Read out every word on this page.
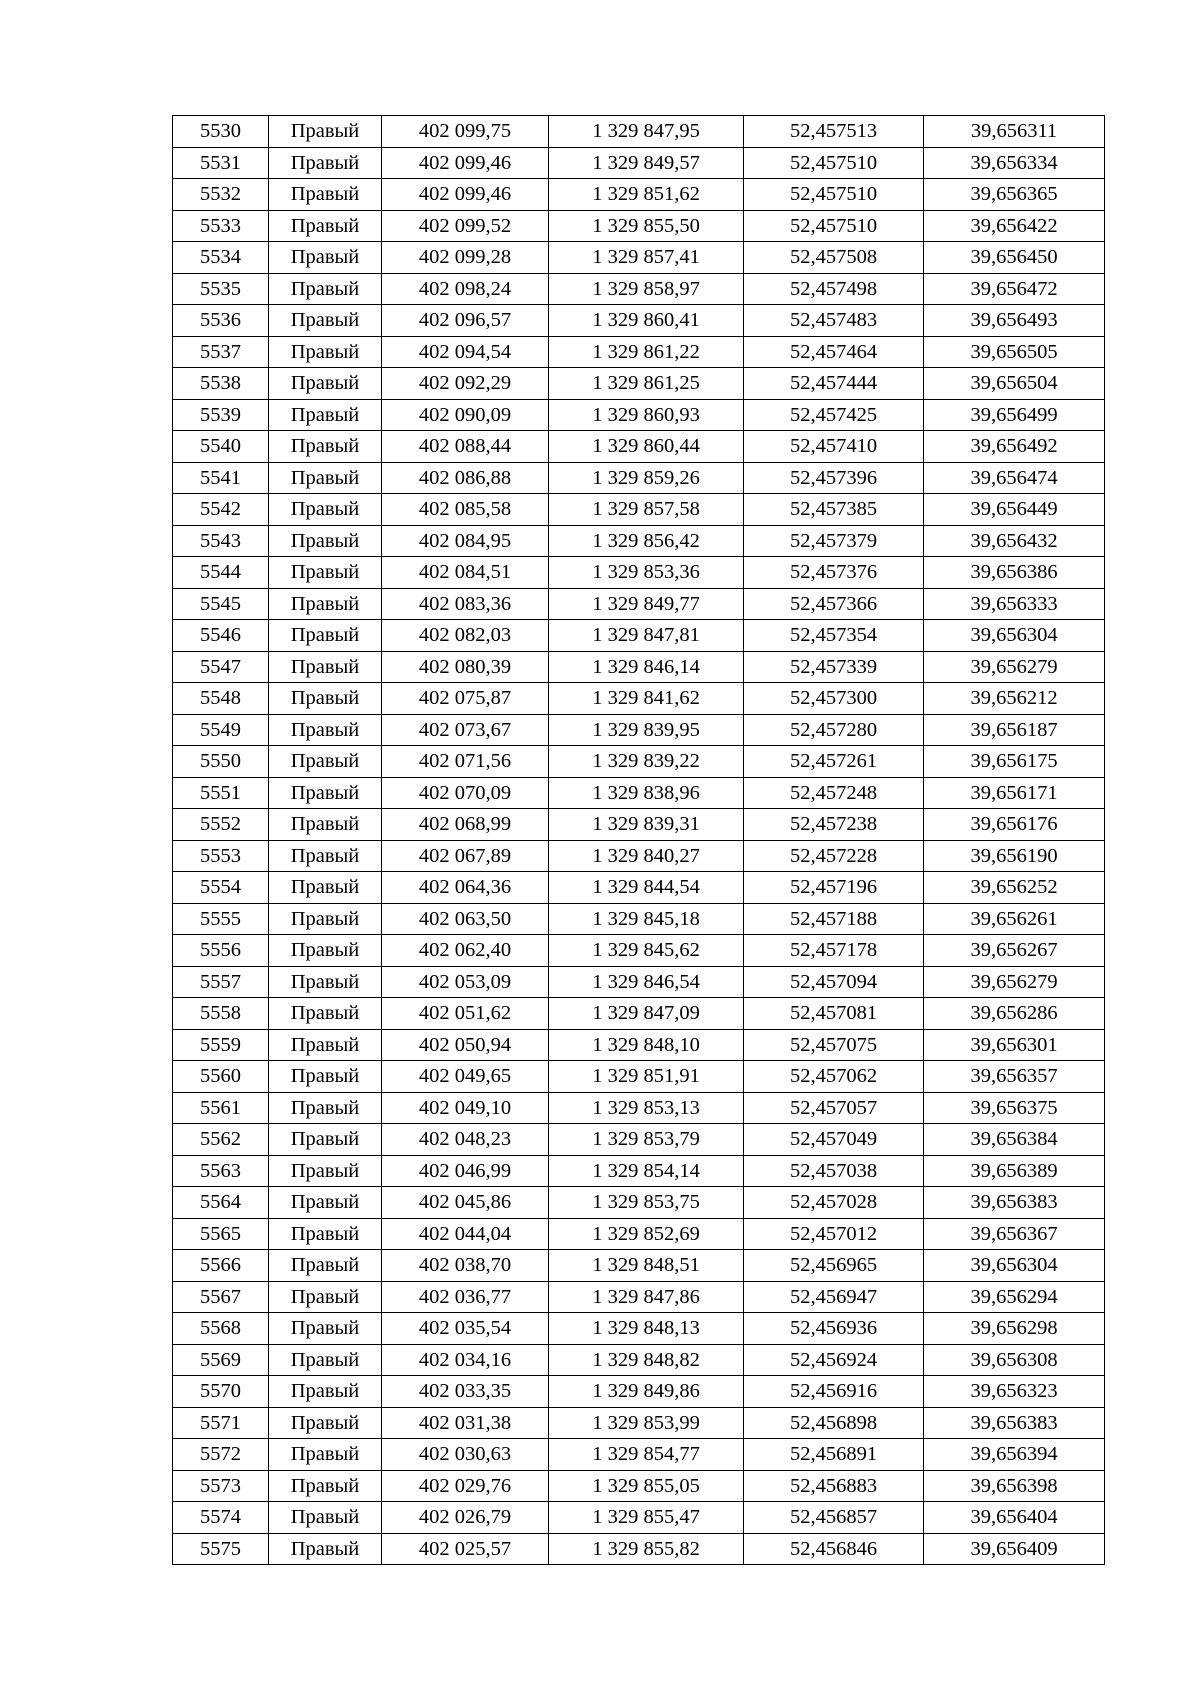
5530	Правый	402 099,75	1 329 847,95	52,457513	39,656311
5531	Правый	402 099,46	1 329 849,57	52,457510	39,656334
5532	Правый	402 099,46	1 329 851,62	52,457510	39,656365
5533	Правый	402 099,52	1 329 855,50	52,457510	39,656422
5534	Правый	402 099,28	1 329 857,41	52,457508	39,656450
5535	Правый	402 098,24	1 329 858,97	52,457498	39,656472
5536	Правый	402 096,57	1 329 860,41	52,457483	39,656493
5537	Правый	402 094,54	1 329 861,22	52,457464	39,656505
5538	Правый	402 092,29	1 329 861,25	52,457444	39,656504
5539	Правый	402 090,09	1 329 860,93	52,457425	39,656499
5540	Правый	402 088,44	1 329 860,44	52,457410	39,656492
5541	Правый	402 086,88	1 329 859,26	52,457396	39,656474
5542	Правый	402 085,58	1 329 857,58	52,457385	39,656449
5543	Правый	402 084,95	1 329 856,42	52,457379	39,656432
5544	Правый	402 084,51	1 329 853,36	52,457376	39,656386
5545	Правый	402 083,36	1 329 849,77	52,457366	39,656333
5546	Правый	402 082,03	1 329 847,81	52,457354	39,656304
5547	Правый	402 080,39	1 329 846,14	52,457339	39,656279
5548	Правый	402 075,87	1 329 841,62	52,457300	39,656212
5549	Правый	402 073,67	1 329 839,95	52,457280	39,656187
5550	Правый	402 071,56	1 329 839,22	52,457261	39,656175
5551	Правый	402 070,09	1 329 838,96	52,457248	39,656171
5552	Правый	402 068,99	1 329 839,31	52,457238	39,656176
5553	Правый	402 067,89	1 329 840,27	52,457228	39,656190
5554	Правый	402 064,36	1 329 844,54	52,457196	39,656252
5555	Правый	402 063,50	1 329 845,18	52,457188	39,656261
5556	Правый	402 062,40	1 329 845,62	52,457178	39,656267
5557	Правый	402 053,09	1 329 846,54	52,457094	39,656279
5558	Правый	402 051,62	1 329 847,09	52,457081	39,656286
5559	Правый	402 050,94	1 329 848,10	52,457075	39,656301
5560	Правый	402 049,65	1 329 851,91	52,457062	39,656357
5561	Правый	402 049,10	1 329 853,13	52,457057	39,656375
5562	Правый	402 048,23	1 329 853,79	52,457049	39,656384
5563	Правый	402 046,99	1 329 854,14	52,457038	39,656389
5564	Правый	402 045,86	1 329 853,75	52,457028	39,656383
5565	Правый	402 044,04	1 329 852,69	52,457012	39,656367
5566	Правый	402 038,70	1 329 848,51	52,456965	39,656304
5567	Правый	402 036,77	1 329 847,86	52,456947	39,656294
5568	Правый	402 035,54	1 329 848,13	52,456936	39,656298
5569	Правый	402 034,16	1 329 848,82	52,456924	39,656308
5570	Правый	402 033,35	1 329 849,86	52,456916	39,656323
5571	Правый	402 031,38	1 329 853,99	52,456898	39,656383
5572	Правый	402 030,63	1 329 854,77	52,456891	39,656394
5573	Правый	402 029,76	1 329 855,05	52,456883	39,656398
5574	Правый	402 026,79	1 329 855,47	52,456857	39,656404
5575	Правый	402 025,57	1 329 855,82	52,456846	39,656409
